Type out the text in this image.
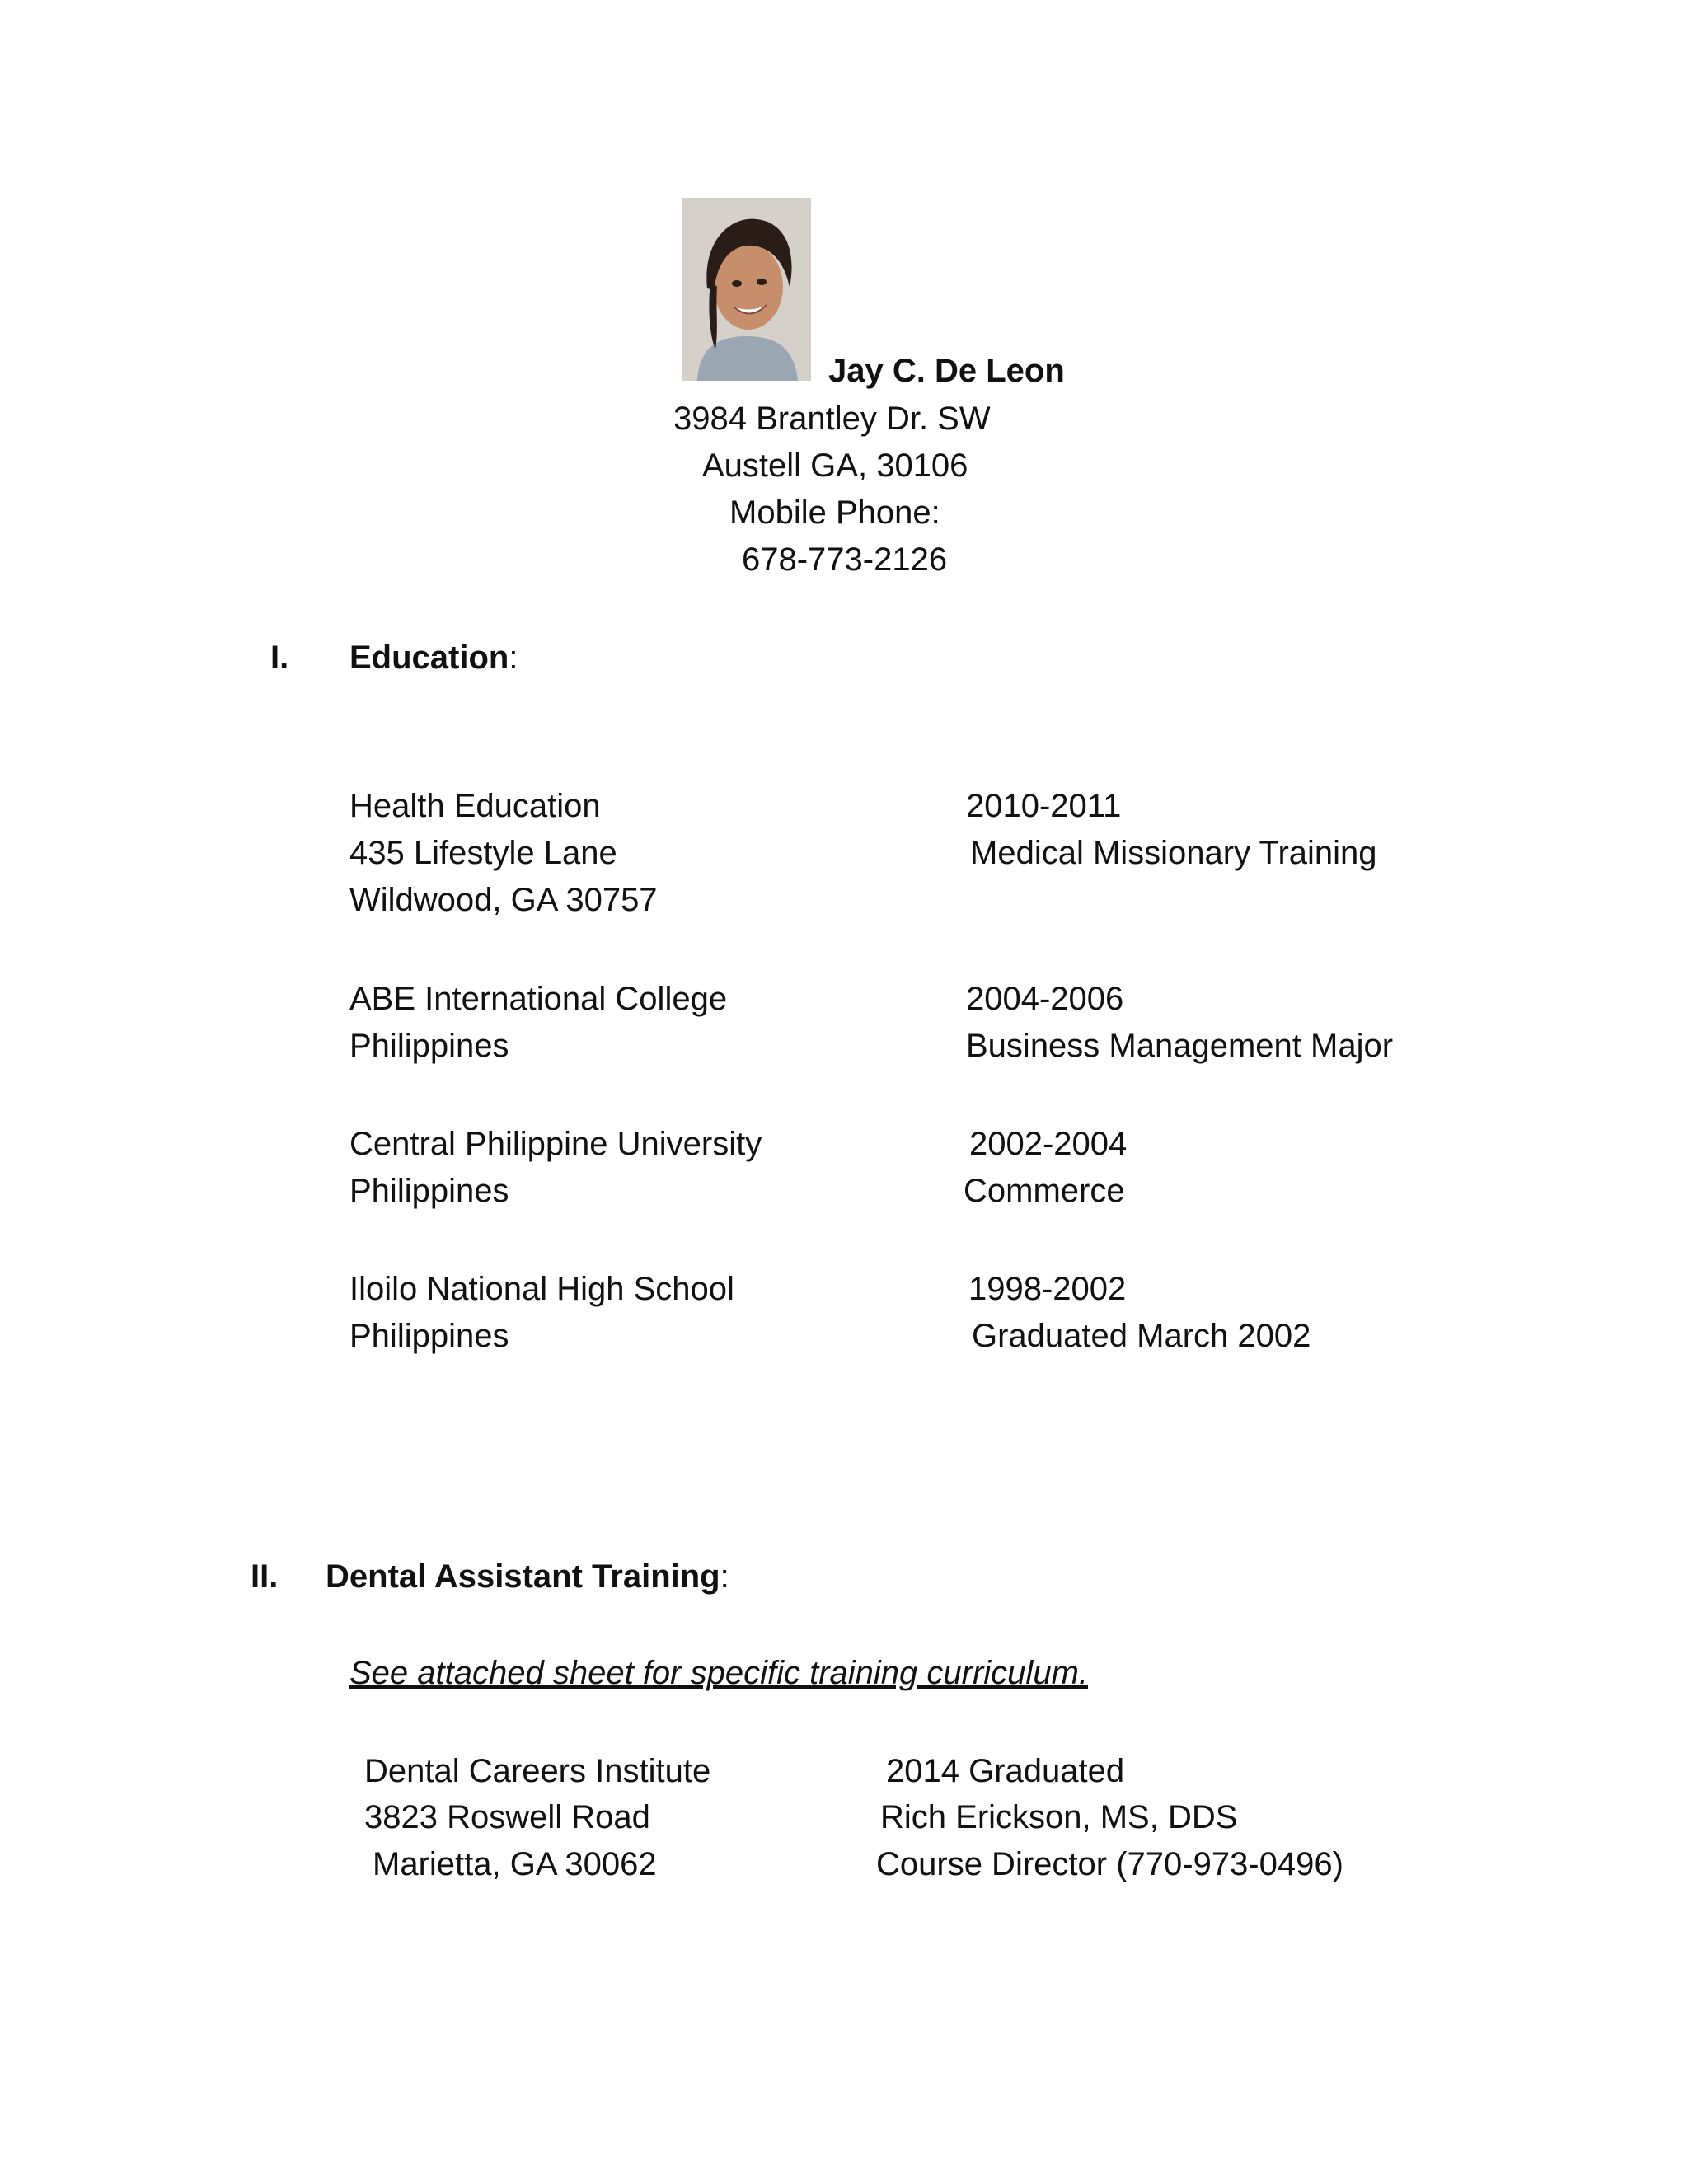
Jay C. De Leon
3984 Brantley Dr. SW
Austell GA, 30106
Mobile Phone:
678-773-2126
I. Education:
Health Education
435 Lifestyle Lane
Wildwood, GA 30757
2010-2011
Medical Missionary Training
ABE International College
Philippines
2004-2006
Business Management Major
Central Philippine University
Philippines
2002-2004
Commerce
Iloilo National High School
Philippines
1998-2002
Graduated March 2002
II. Dental Assistant Training:
See attached sheet for specific training curriculum.
Dental Careers Institute
3823 Roswell Road
Marietta, GA 30062
2014 Graduated
Rich Erickson, MS, DDS
Course Director (770-973-0496)
